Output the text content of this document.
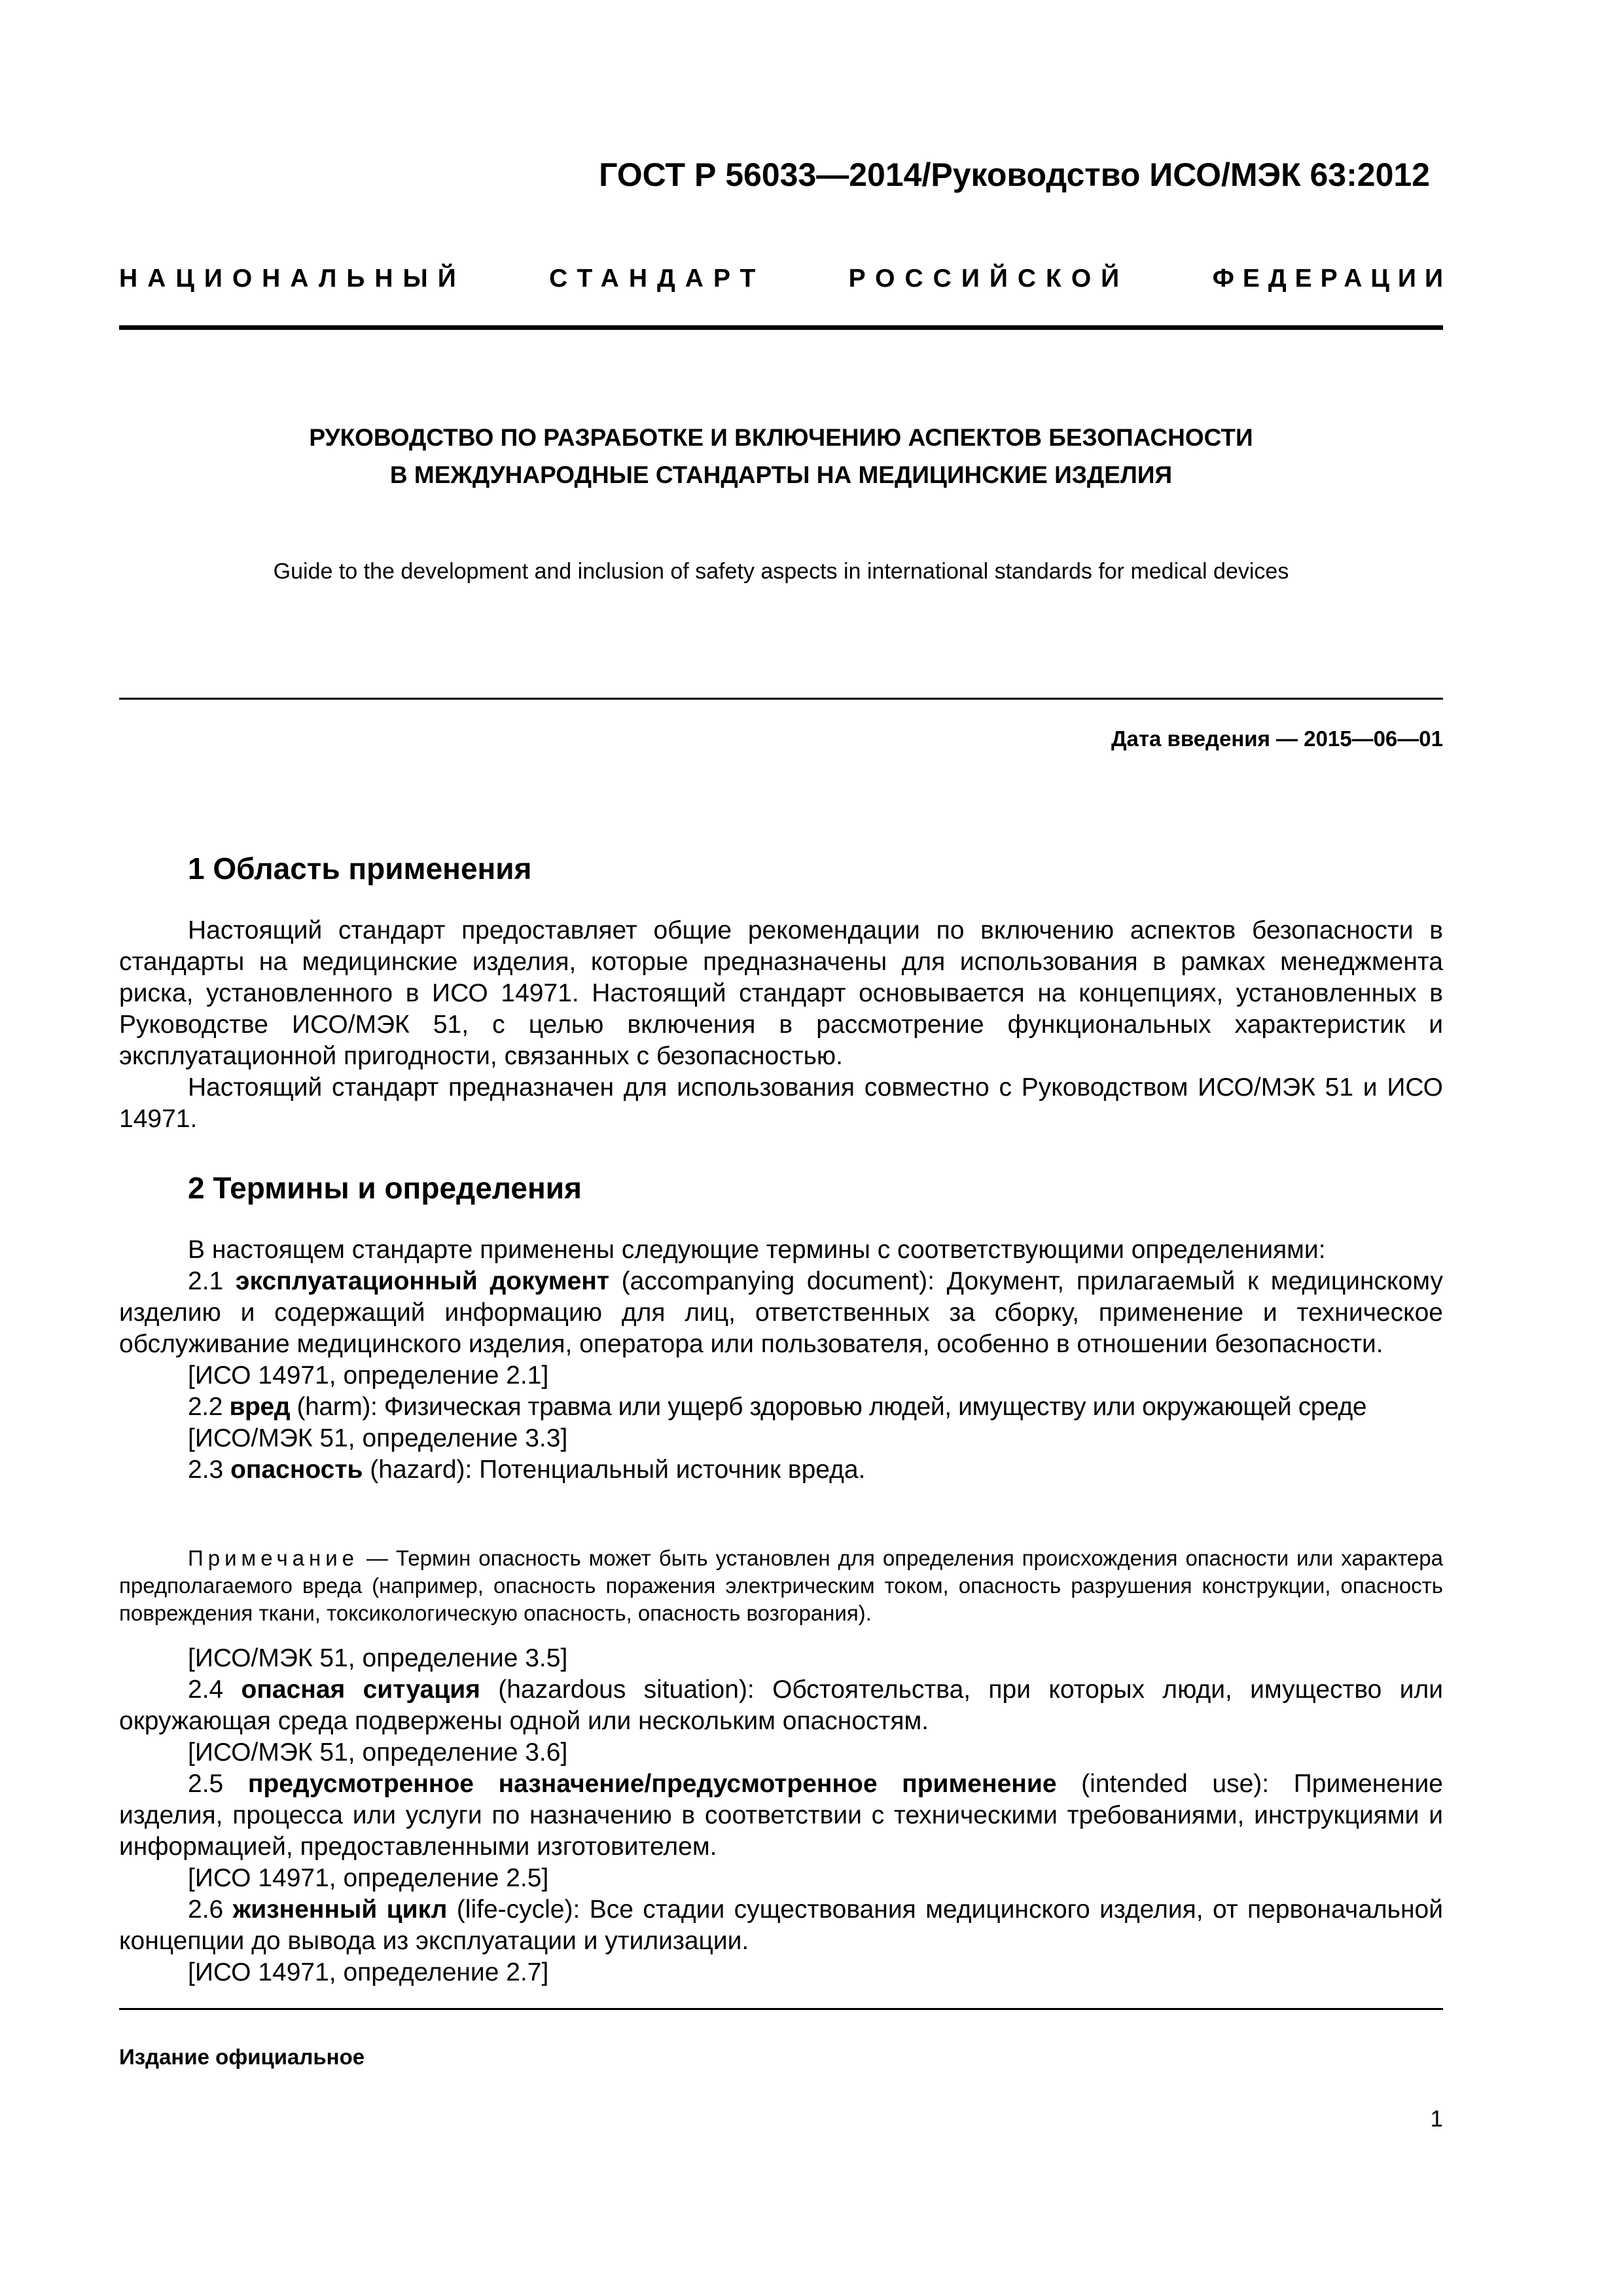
ГОСТ Р 56033—2014/Руководство ИСО/МЭК 63:2012
НАЦИОНАЛЬНЫЙ	СТАНДАРТ	РОССИЙСКОЙ	ФЕДЕРАЦИИ
РУКОВОДСТВО ПО РАЗРАБОТКЕ И ВКЛЮЧЕНИЮ АСПЕКТОВ БЕЗОПАСНОСТИ
В МЕЖДУНАРОДНЫЕ СТАНДАРТЫ НА МЕДИЦИНСКИЕ ИЗДЕЛИЯ
Guide to the development and inclusion of safety aspects in international standards for medical devices
Дата введения — 2015—06—01
1 Область применения

Настоящий стандарт предоставляет общие рекомендации по включению аспектов безопасности в стандарты на медицинские изделия, которые предназначены для использования в рамках менеджмента риска, установленного в ИСО 14971. Настоящий стандарт основывается на концепциях, установленных в Руководстве ИСО/МЭК 51, с целью включения в рассмотрение функциональных характеристик и эксплуатационной пригодности, связанных с безопасностью.

Настоящий стандарт предназначен для использования совместно с Руководством ИСО/МЭК 51 и ИСО 14971.

2 Термины и определения

В настоящем стандарте применены следующие термины с соответствующими определениями:

2.1 эксплуатационный документ (accompanying document): Документ, прилагаемый к медицинскому изделию и содержащий информацию для лиц, ответственных за сборку, применение и техническое обслуживание медицинского изделия, оператора или пользователя, особенно в отношении безопасности.

[ИСО 14971, определение 2.1]

2.2 вред (harm): Физическая травма или ущерб здоровью людей, имуществу или окружающей среде

[ИСО/МЭК 51, определение 3.3]

2.3 опасность (hazard): Потенциальный источник вреда.

Примечание — Термин опасность может быть установлен для определения происхождения опасности или характера предполагаемого вреда (например, опасность поражения электрическим током, опасность разрушения конструкции, опасность повреждения ткани, токсикологическую опасность, опасность возгорания).

[ИСО/МЭК 51, определение 3.5]

2.4 опасная ситуация (hazardous situation): Обстоятельства, при которых люди, имущество или окружающая среда подвержены одной или нескольким опасностям.

[ИСО/МЭК 51, определение 3.6]

2.5 предусмотренное назначение/предусмотренное применение (intended use): Применение изделия, процесса или услуги по назначению в соответствии с техническими требованиями, инструкциями и информацией, предоставленными изготовителем.

[ИСО 14971, определение 2.5]

2.6 жизненный цикл (life-cycle): Все стадии существования медицинского изделия, от первоначальной концепции до вывода из эксплуатации и утилизации.

[ИСО 14971, определение 2.7]

Издание официальное
1
